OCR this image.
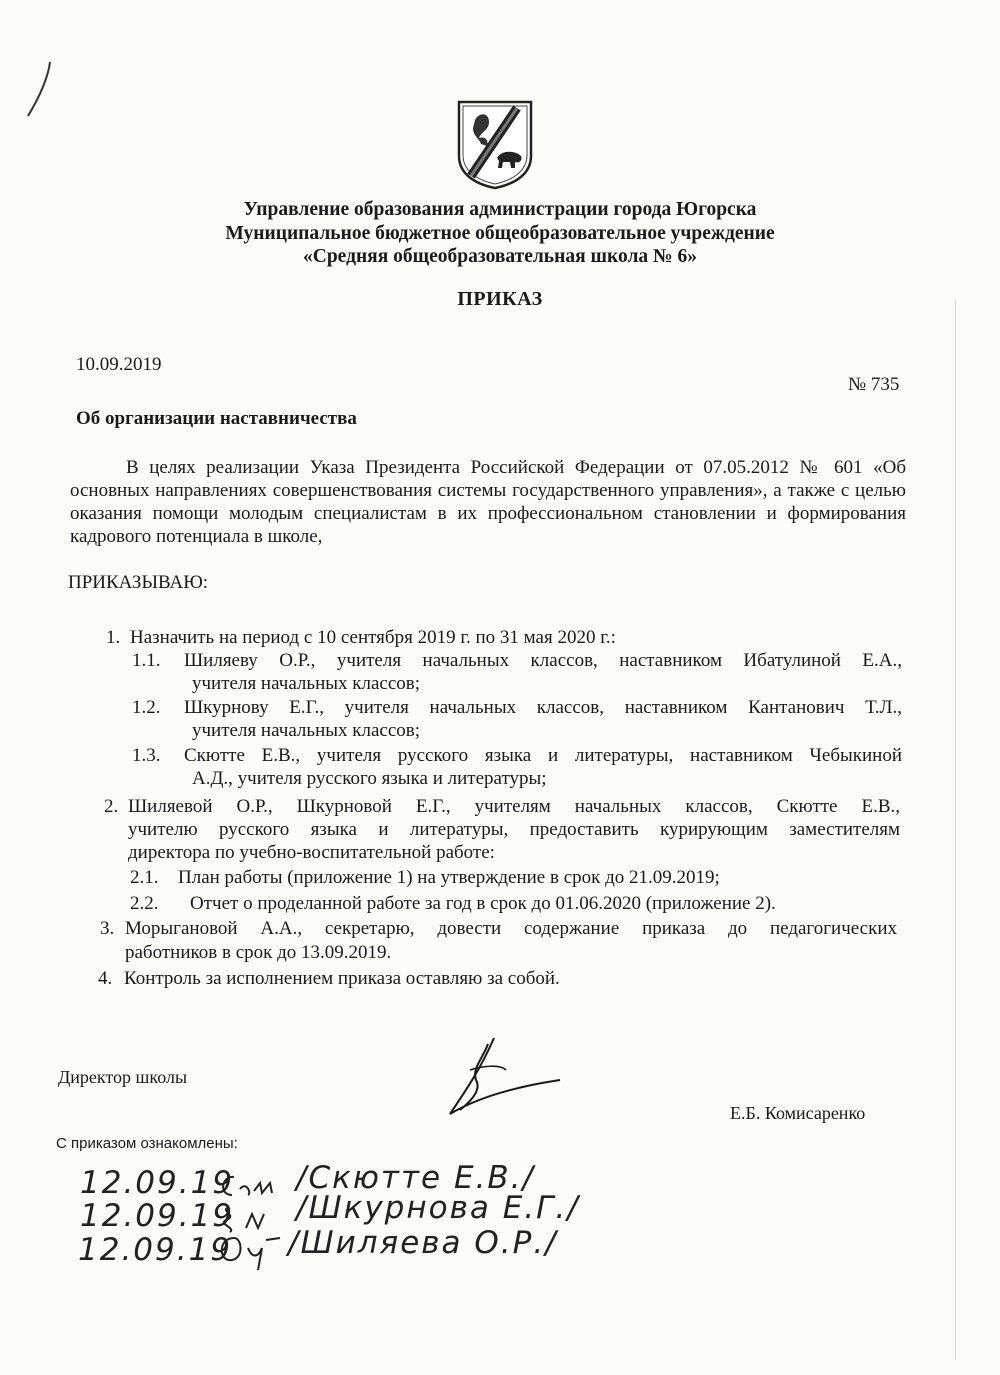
Управление образования администрации города Югорска
Муниципальное бюджетное общеобразовательное учреждение
«Средняя общеобразовательная школа № 6»
ПРИКАЗ
10.09.2019
№ 735
Об организации наставничества
В целях реализации Указа Президента Российской Федерации от 07.05.2012 № 601 «Об основных направлениях совершенствования системы государственного управления», а также с целью оказания помощи молодым специалистам в их профессиональном становлении и формирования кадрового потенциала в школе,
ПРИКАЗЫВАЮ:
1. Назначить на период с 10 сентября 2019 г. по 31 мая 2020 г.:
1.1. Шиляеву О.Р., учителя начальных классов, наставником Ибатулиной Е.А.,
учителя начальных классов;
1.2. Шкурнову Е.Г., учителя начальных классов, наставником Кантанович Т.Л.,
учителя начальных классов;
1.3. Скютте Е.В., учителя русского языка и литературы, наставником Чебыкиной
А.Д., учителя русского языка и литературы;
2. Шиляевой О.Р., Шкурновой Е.Г., учителям начальных классов, Скютте Е.В.,
учителю русского языка и литературы, предоставить курирующим заместителям
директора по учебно-воспитательной работе:
2.1. План работы (приложение 1) на утверждение в срок до 21.09.2019;
2.2. Отчет о проделанной работе за год в срок до 01.06.2020 (приложение 2).
3. Морыгановой А.А., секретарю, довести содержание приказа до педагогических
работников в срок до 13.09.2019.
4. Контроль за исполнением приказа оставляю за собой.
Директор школы
Е.Б. Комисаренко
С приказом ознакомлены:
12.09.19 /Скютте Е.В./
12.09.19 /Шкурнова Е.Г./
12.09.19 /Шиляева О.Р./
